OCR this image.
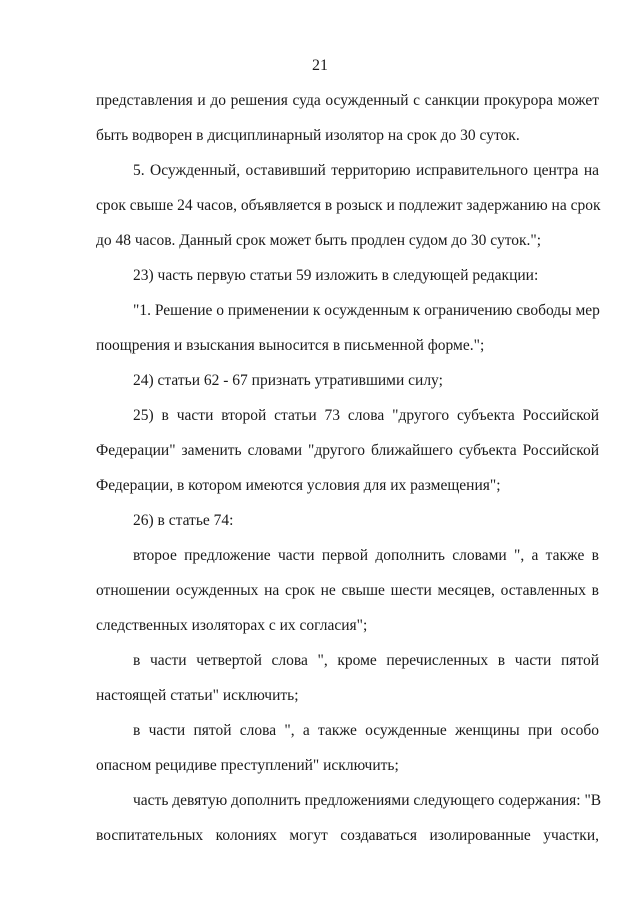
21
представления и до решения суда осужденный с санкции прокурора может
быть водворен в дисциплинарный изолятор на срок до 30 суток.
5. Осужденный, оставивший территорию исправительного центра на
срок свыше 24 часов, объявляется в розыск и подлежит задержанию на срок
до 48 часов. Данный срок может быть продлен судом до 30 суток.";
23) часть первую статьи 59 изложить в следующей редакции:
"1. Решение о применении к осужденным к ограничению свободы мер
поощрения и взыскания выносится в письменной форме.";
24) статьи 62 - 67 признать утратившими силу;
25) в части второй статьи 73 слова "другого субъекта Российской
Федерации" заменить словами "другого ближайшего субъекта Российской
Федерации, в котором имеются условия для их размещения";
26) в статье 74:
второе предложение части первой дополнить словами ", а также в
отношении осужденных на срок не свыше шести месяцев, оставленных в
следственных изоляторах с их согласия";
в части четвертой слова ", кроме перечисленных в части пятой
настоящей статьи" исключить;
в части пятой слова ", а также осужденные женщины при особо
опасном рецидиве преступлений" исключить;
часть девятую дополнить предложениями следующего содержания: "В
воспитательных колониях могут создаваться изолированные участки,
